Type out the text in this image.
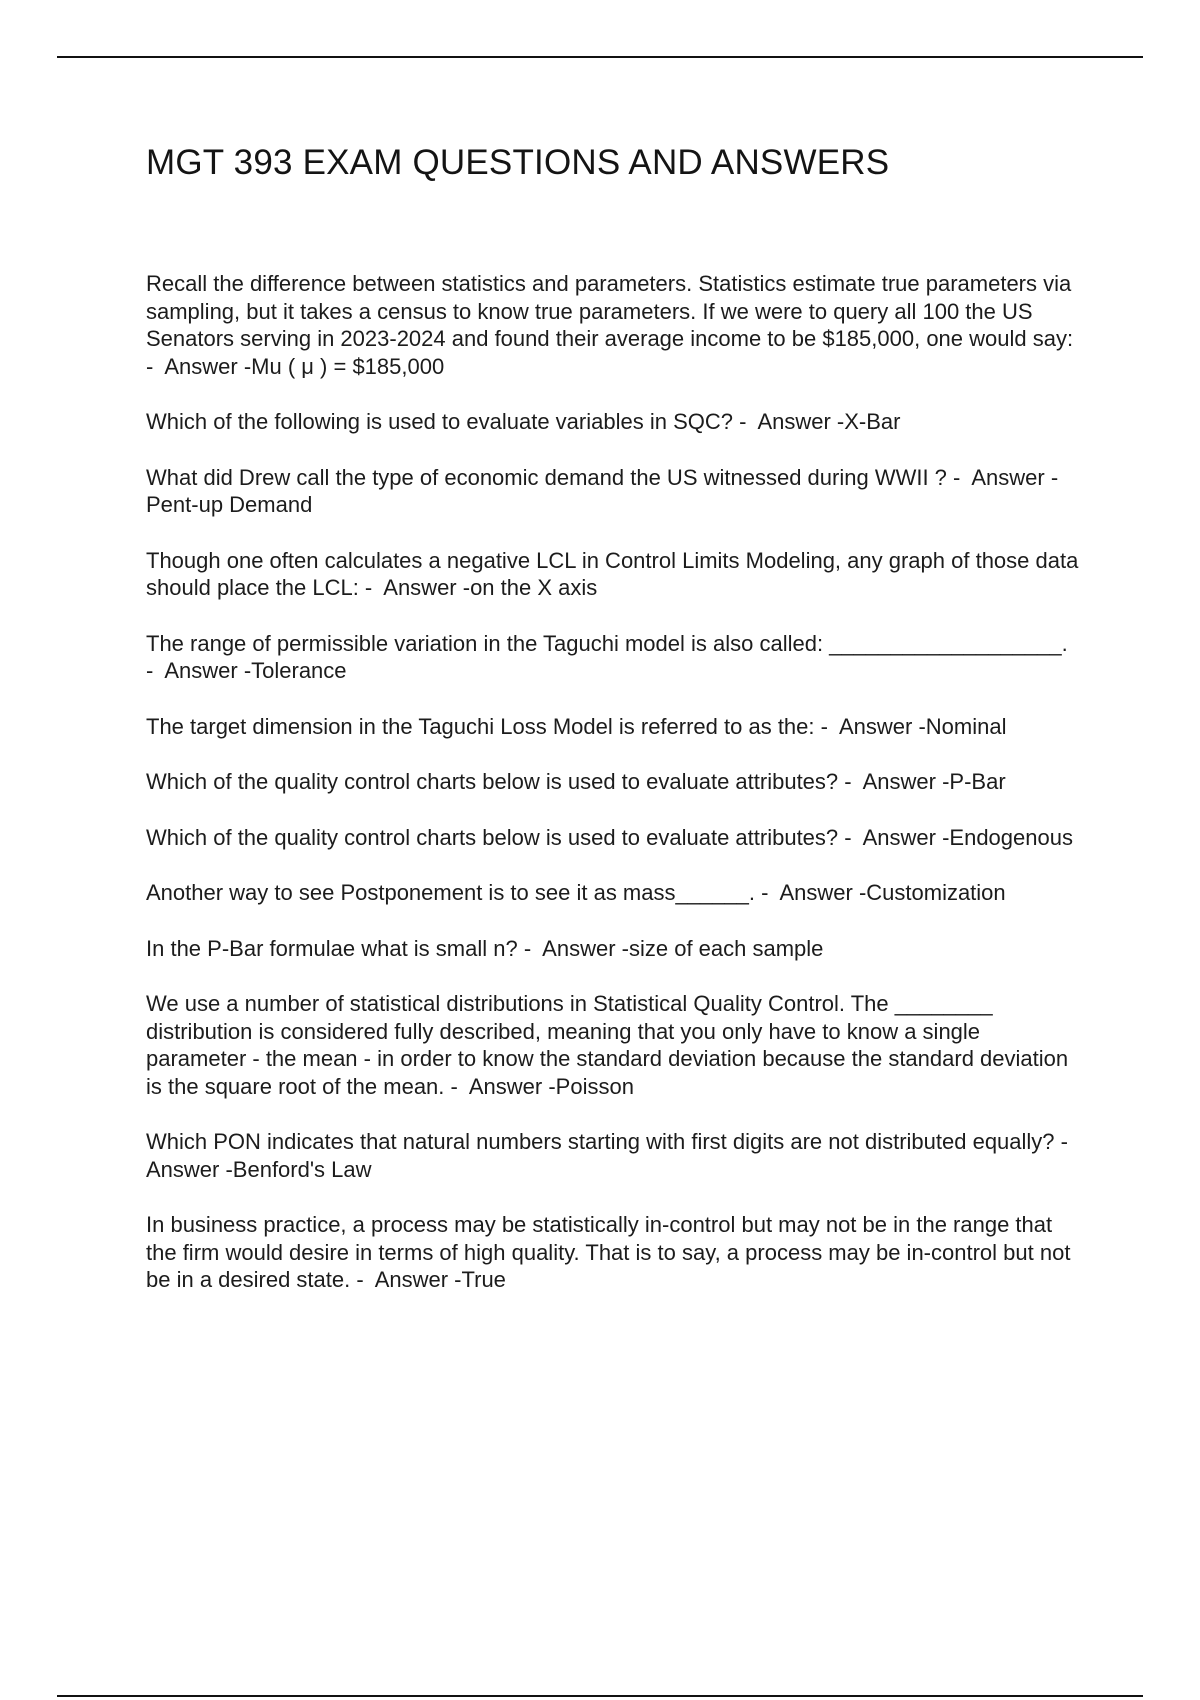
MGT 393 EXAM QUESTIONS AND ANSWERS

Recall the difference between statistics and parameters. Statistics estimate true parameters via sampling, but it takes a census to know true parameters. If we were to query all 100 the US Senators serving in 2023-2024 and found their average income to be $185,000, one would say: -  Answer -Mu ( μ ) = $185,000

Which of the following is used to evaluate variables in SQC? -  Answer -X-Bar

What did Drew call the type of economic demand the US witnessed during WWII ? -  Answer -Pent-up Demand

Though one often calculates a negative LCL in Control Limits Modeling, any graph of those data should place the LCL: -  Answer -on the X axis

The range of permissible variation in the Taguchi model is also called: ___________________. -  Answer -Tolerance

The target dimension in the Taguchi Loss Model is referred to as the: -  Answer -Nominal

Which of the quality control charts below is used to evaluate attributes? -  Answer -P-Bar

Which of the quality control charts below is used to evaluate attributes? -  Answer -Endogenous

Another way to see Postponement is to see it as mass______. -  Answer -Customization

In the P-Bar formulae what is small n? -  Answer -size of each sample

We use a number of statistical distributions in Statistical Quality Control. The ________ distribution is considered fully described, meaning that you only have to know a single parameter - the mean - in order to know the standard deviation because the standard deviation is the square root of the mean. -  Answer -Poisson

Which PON indicates that natural numbers starting with first digits are not distributed equally? -  Answer -Benford's Law

In business practice, a process may be statistically in-control but may not be in the range that the firm would desire in terms of high quality. That is to say, a process may be in-control but not be in a desired state. -  Answer -True
